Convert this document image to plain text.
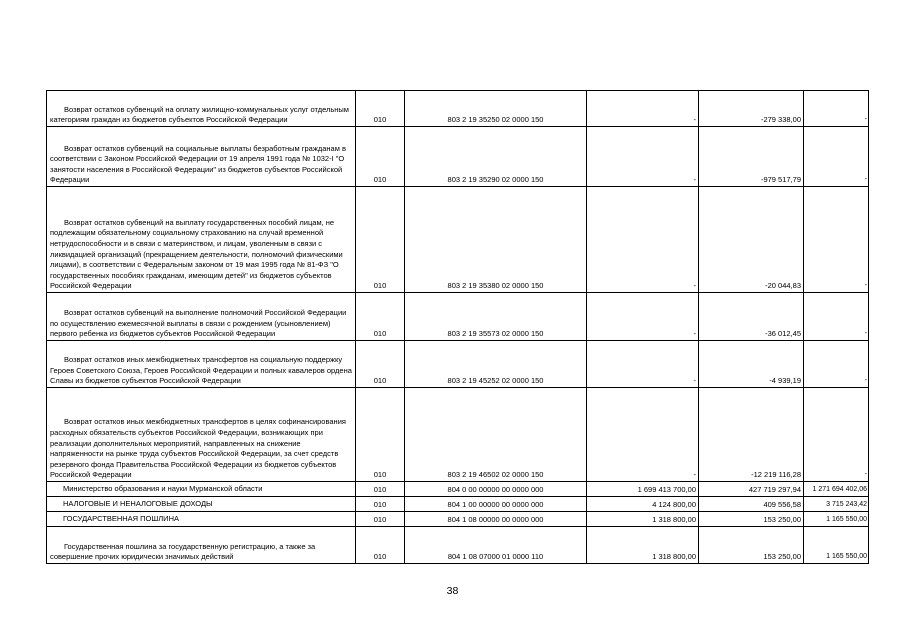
Возврат остатков субвенций на оплату жилищно-коммунальных услуг отдельным категориям граждан из бюджетов субъектов Российской Федерации	010	803 2 19 35250 02 0000 150	-	-279 338,00	-

Возврат остатков субвенций на социальные выплаты безработным гражданам в соответствии с Законом Российской Федерации от 19 апреля 1991 года № 1032-I "О занятости населения в Российской Федерации" из бюджетов субъектов Российской Федерации	010	803 2 19 35290 02 0000 150	-	-979 517,79	-

Возврат остатков субвенций на выплату государственных пособий лицам, не подлежащим обязательному социальному страхованию на случай временной нетрудоспособности и в связи с материнством, и лицам, уволенным в связи с ликвидацией организаций (прекращением деятельности, полномочий физическими лицами), в соответствии с Федеральным законом от 19 мая 1995 года № 81-ФЗ "О государственных пособиях гражданам, имеющим детей" из бюджетов субъектов Российской Федерации	010	803 2 19 35380 02 0000 150	-	-20 044,83	-

Возврат остатков субвенций на выполнение полномочий Российской Федерации по осуществлению ежемесячной выплаты в связи с рождением (усыновлением) первого ребенка из бюджетов субъектов Российской Федерации	010	803 2 19 35573 02 0000 150	-	-36 012,45	-

Возврат остатков иных межбюджетных трансфертов на социальную поддержку Героев Советского Союза, Героев Российской Федерации и полных кавалеров ордена Славы из бюджетов субъектов Российской Федерации	010	803 2 19 45252 02 0000 150	-	-4 939,19	-

Возврат остатков иных межбюджетных трансфертов в целях софинансирования расходных обязательств субъектов Российской Федерации, возникающих при реализации дополнительных мероприятий, направленных на снижение напряженности на рынке труда субъектов Российской Федерации, за счет средств резервного фонда Правительства Российской Федерации из бюджетов субъектов Российской Федерации	010	803 2 19 46502 02 0000 150	-	-12 219 116,28	-
Министерство образования и науки Мурманской области	010	804 0 00 00000 00 0000 000	1 699 413 700,00	427 719 297,94	1 271 694 402,06
НАЛОГОВЫЕ И НЕНАЛОГОВЫЕ ДОХОДЫ	010	804 1 00 00000 00 0000 000	4 124 800,00	409 556,58	3 715 243,42
ГОСУДАРСТВЕННАЯ ПОШЛИНА	010	804 1 08 00000 00 0000 000	1 318 800,00	153 250,00	1 165 550,00

Государственная пошлина за государственную регистрацию, а также за совершение прочих юридически значимых действий	010	804 1 08 07000 01 0000 110	1 318 800,00	153 250,00	1 165 550,00
38
